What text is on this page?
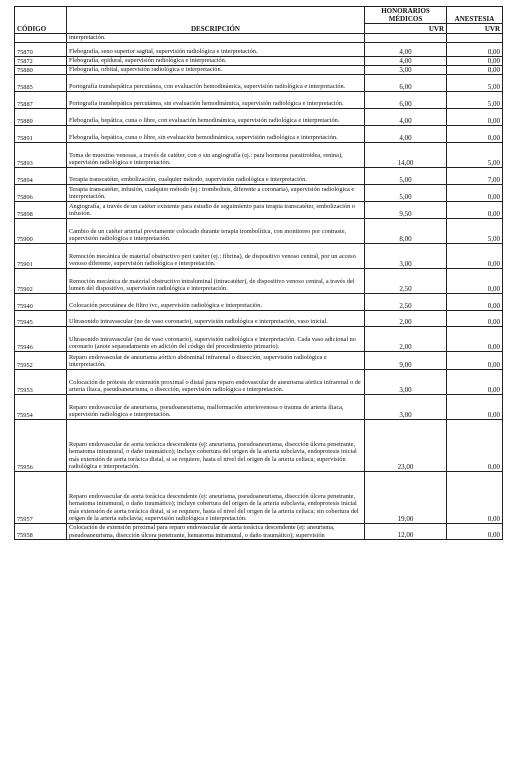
CÓDIGO	DESCRIPCIÓN	HONORARIOS MÉDICOS	ANESTESIA
		UVR	UVR
	interpretación.		
75870	Flebografía, seno superior sagital, supervisión radiológica e interpretación.	4,00	0,00
75872	Flebografía, epidural, supervisión radiológica e interpretación.	4,00	0,00
75880	Flebografía, orbital, supervisión radiológica e interpretación.	3,00	0,00
75885	Portografía transhepática percutánea, con evaluación hemodinámica, supervisión radiológica e interpretación.	6,00	5,00
75887	Portografía transhepática percutánea, sin evaluación hemodinámica, supervisión radiológica e interpretación.	6,00	5,00
75889	Flebografía, hepática, cuna o libre, con evaluación hemodinámica, supervisión radiológica e interpretación.	4,00	0,00
75891	Flebografía, hepática, cuna o libre, sin evaluación hemodinámica, supervisión radiológica e interpretación.	4,00	0,00
75893	Toma de muestras venosas, a través de catéter, con o sin angiografía (ej.: para hormona paratiroidea, renina), supervisión radiológica e interpretación.	14,00	5,00
75894	Terapia transcatéter, embolización, cualquier método, supervisión radiológica e interpretación.	5,00	7,00
75896	Terapia transcatéter, infusión, cualquier método (ej.: trombolisis, diferente a coronaria), supervisión radiológica e interpretación.	5,00	0,00
75898	Angiografía, a través de un catéter existente para estudio de seguimiento para terapia transcatéter, embolización o infusión.	9,50	0,00
75900	Cambio de un catéter arterial previamente colocado durante terapia trombolítica, con monitoreo por contraste, supervisión radiológica e interpretación.	8,00	5,00
75901	Remoción mecánica de material obstructivo peri catéter (ej.: fibrina), de dispositivo venoso central, por un acceso venoso diferente, supervisión radiológica e interpretación.	3,00	0,00
75902	Remoción mecánica de material obstructivo intraluminal (intracatéter), de dispositivo venoso central, a través del lumen del dispositivo, supervisión radiológica e interpretación.	2,50	0,00
75940	Colocación percutánea de filtro ivc, supervisión radiológica e interpretación.	2,50	0,00
75945	Ultrasonido intravascular (no de vaso coronario), supervisión radiológica e interpretación, vaso inicial.	2,00	0,00
75946	Ultrasonido intravascular (no de vaso coronario), supervisión radiológica e interpretación. Cada vaso adicional no coronario (anote separadamente en adición del código del procedimiento primario).	2,00	0,00
75952	Reparo endovascular de aneurisma aórtico abdominal infrarenal o disección, supervisión radiológica e interpretación.	9,00	0,00
75953	Colocación de prótesis de extensión proximal o distal para reparo endovascular de aneurisma aórtica infrarenal o de arteria iliaca, pseudoaneurisma, o disección, supervisión radiológica e interpretación.	3,00	0,00
75954	Reparo endovascular de aneurisma, pseudoaneurisma, malformación arteriovenosa o trauma de arteria iliaca, supervisión radiológica e interpretación.	3,00	0,00
75956	Reparo endovascular de aorta torácica descendente (ej: aneurisma, pseudoaneurisma, disección úlcera penetrante, hematoma intramural, o daño traumático); incluye cobertura del origen de la arteria subclavia, endoprotesis inicial más extensión de aorta torácica distal, si se requiere, hasta el nivel del origen de la arteria celiaca; supervisión radiológica e interpretación.	23,00	0,00
75957	Reparo endovascular de aorta torácica descendente (ej: aneurisma, pseudoaneurisma, disección úlcera penetrante, hematoma intramural, o daño traumático); incluye cobertura del origen de la arteria subclavia, endoprotesis inicial más extensión de aorta torácica distal, si se requiere, hasta el nivel del origen de la arteria celiaca; sin cobertura del origen de la arteria subclavia; supervisión radiológica e interpretación.	19,00	0,00
75958	Colocación de extensión proximal para reparo endovascular de aorta torácica descendente (ej: aneurisma, pseudoaneurisma, disección úlcera penetrante, hematoma intramural, o daño traumático); supervisión	12,00	0,00
